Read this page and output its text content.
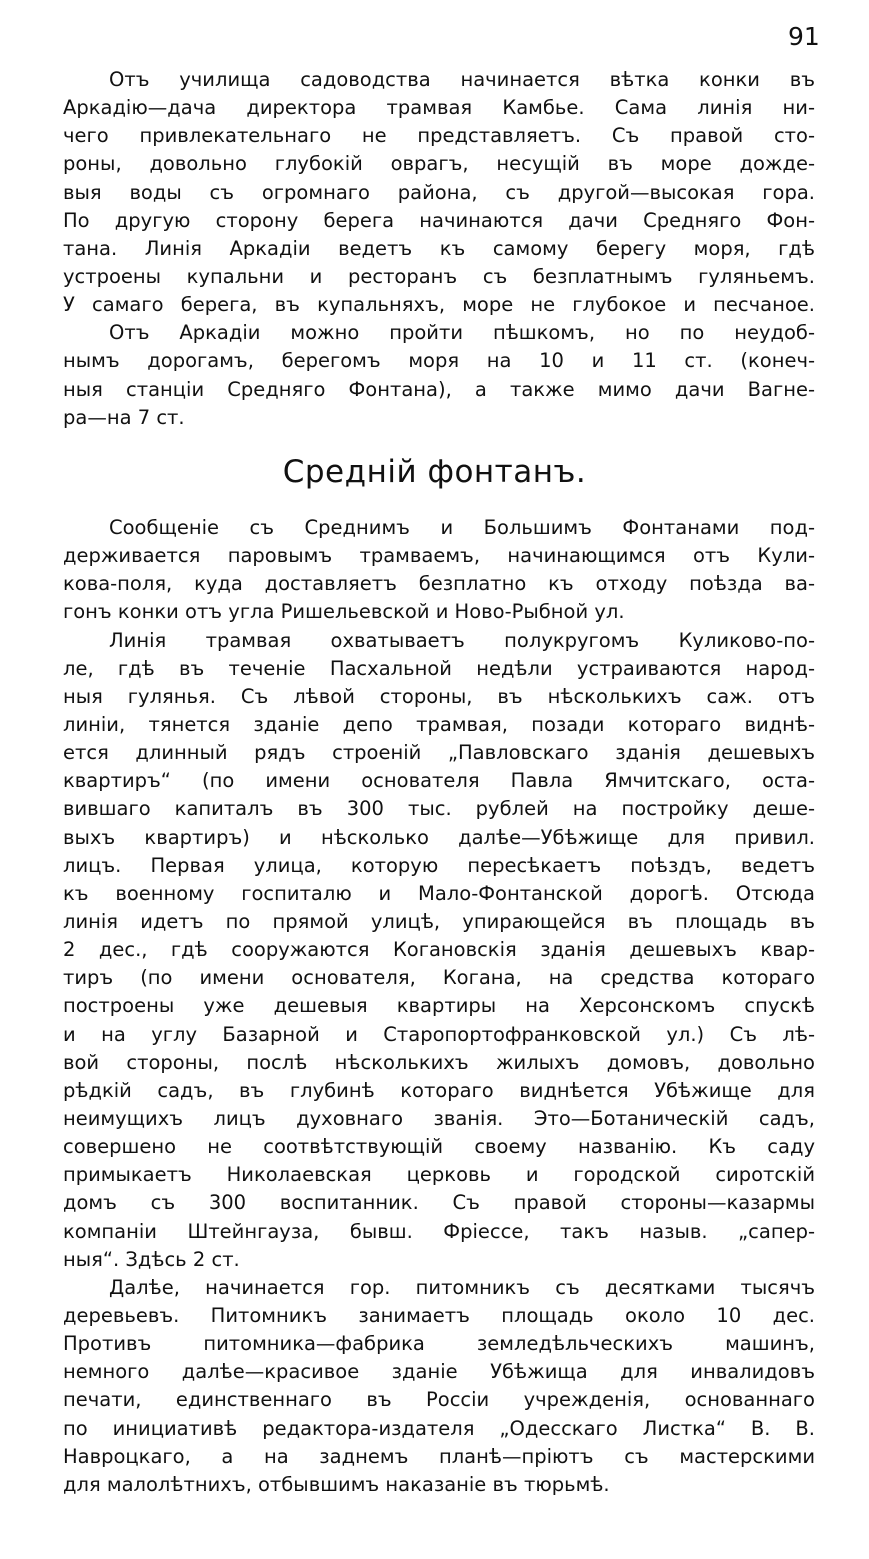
91
Отъ училища садоводства начинается вѣтка конки въ
Аркадiю—дача директора трамвая Камбье. Сама линiя ни-
чего привлекательнаго не представляетъ. Съ правой сто-
роны, довольно глубокiй оврагъ, несущiй въ море дожде-
выя воды съ огромнаго района, съ другой—высокая гора.
По другую сторону берега начинаются дачи Средняго Фон-
тана. Линiя Аркадiи ведетъ къ самому берегу моря, гдѣ
устроены купальни и ресторанъ съ безплатнымъ гуляньемъ.
У самаго берега, въ купальняхъ, море не глубокое и песчаное.
Отъ Аркадiи можно пройти пѣшкомъ, но по неудоб-
нымъ дорогамъ, берегомъ моря на 10 и 11 ст. (конеч-
ныя станцiи Средняго Фонтана), а также мимо дачи Вагне-
ра—на 7 ст.
Среднiй фонтанъ.
Сообщенiе съ Среднимъ и Большимъ Фонтанами под-
держивается паровымъ трамваемъ, начинающимся отъ Кули-
кова-поля, куда доставляетъ безплатно къ отходу поѣзда ва-
гонъ конки отъ угла Ришельевской и Ново-Рыбной ул.
Линiя трамвая охватываетъ полукругомъ Куликово-по-
ле, гдѣ въ теченiе Пасхальной недѣли устраиваются народ-
ныя гулянья. Съ лѣвой стороны, въ нѣсколькихъ саж. отъ
линiи, тянется зданiе депо трамвая, позади котораго виднѣ-
ется длинный рядъ строенiй „Павловскаго зданiя дешевыхъ
квартиръ“ (по имени основателя Павла Ямчитскаго, оста-
вившаго капиталъ въ 300 тыс. рублей на постройку деше-
выхъ квартиръ) и нѣсколько далѣе—Убѣжище для привил.
лицъ. Первая улица, которую пересѣкаетъ поѣздъ, ведетъ
къ военному госпиталю и Мало-Фонтанской дорогѣ. Отсюда
линiя идетъ по прямой улицѣ, упирающейся въ площадь въ
2 дес., гдѣ сооружаются Когановскiя зданiя дешевыхъ квар-
тиръ (по имени основателя, Когана, на средства котораго
построены уже дешевыя квартиры на Херсонскомъ спускѣ
и на углу Базарной и Старопортофранковской ул.) Съ лѣ-
вой стороны, послѣ нѣсколькихъ жилыхъ домовъ, довольно
рѣдкiй садъ, въ глубинѣ котораго виднѣется Убѣжище для
неимущихъ лицъ духовнаго званiя. Это—Ботаническiй садъ,
совершено не соотвѣтствующiй своему названiю. Къ саду
примыкаетъ Николаевская церковь и городской сиротскiй
домъ съ 300 воспитанник. Съ правой стороны—казармы
компанiи Штейнгауза, бывш. Фрiессе, такъ назыв. „сапер-
ныя“. Здѣсь 2 ст.
Далѣе, начинается гор. питомникъ съ десятками тысячъ
деревьевъ. Питомникъ занимаетъ площадь около 10 дес.
Противъ питомника—фабрика земледѣльческихъ машинъ,
немного далѣе—красивое зданiе Убѣжища для инвалидовъ
печати, единственнаго въ Россiи учрежденiя, основаннаго
по инициативѣ редактора-издателя „Одесскаго Листка“ В. В.
Навроцкаго, а на заднемъ планѣ—прiютъ съ мастерскими
для малолѣтнихъ, отбывшимъ наказанiе въ тюрьмѣ.
